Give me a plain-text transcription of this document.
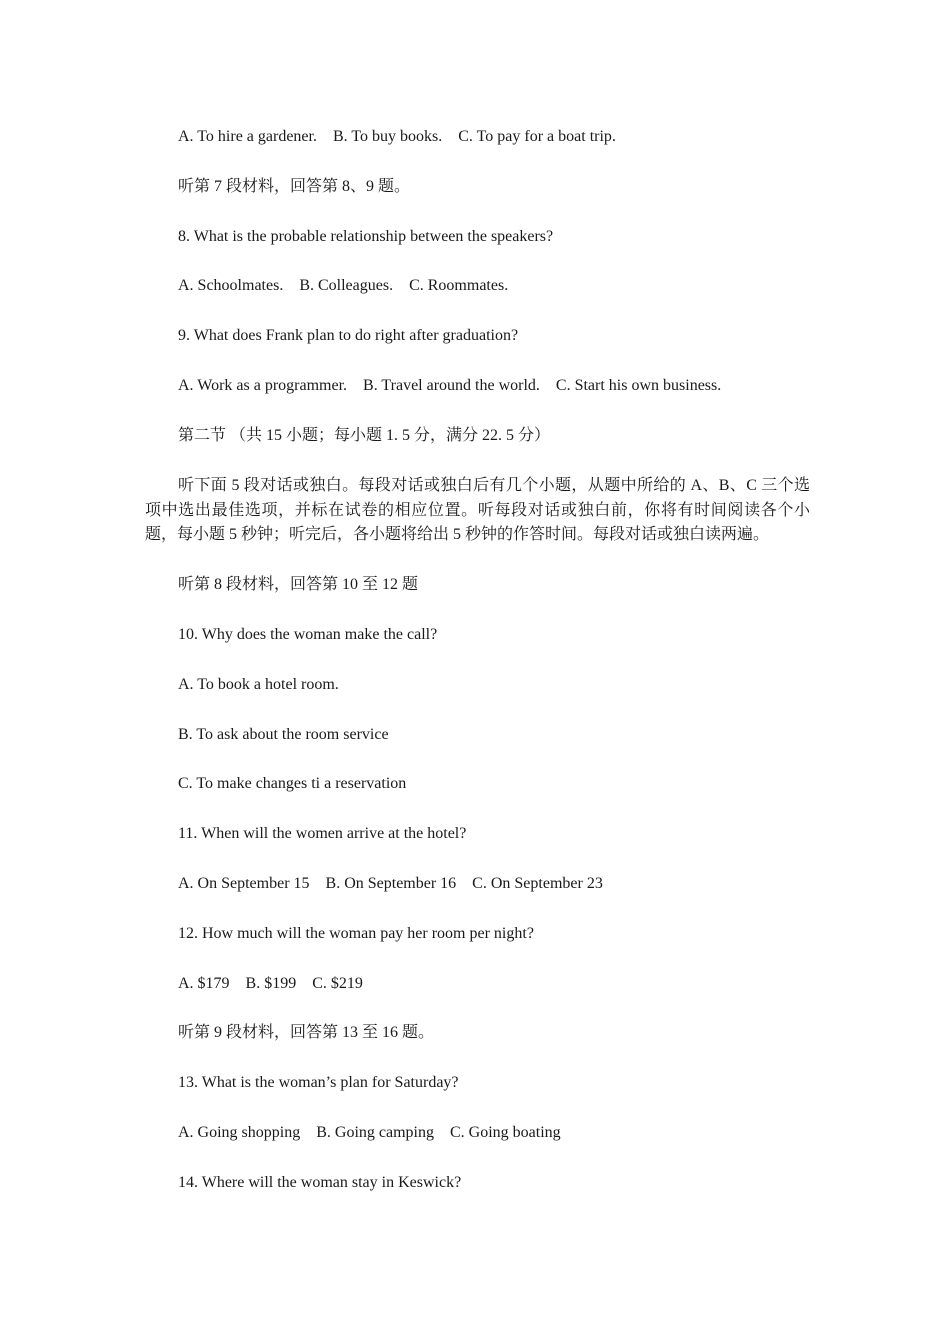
A. To hire a gardener.    B. To buy books.    C. To pay for a boat trip.

听第 7 段材料，回答第 8、9 题。

8. What is the probable relationship between the speakers?

A. Schoolmates.    B. Colleagues.    C. Roommates.

9. What does Frank plan to do right after graduation?

A. Work as a programmer.    B. Travel around the world.    C. Start his own business.

第二节 （共 15 小题；每小题 1. 5 分，满分 22. 5 分）

听下面 5 段对话或独白。每段对话或独白后有几个小题，从题中所给的 A、B、C 三个选项中选出最佳选项，并标在试卷的相应位置。听每段对话或独白前，你将有时间阅读各个小题，每小题 5 秒钟；听完后，各小题将给出 5 秒钟的作答时间。每段对话或独白读两遍。

听第 8 段材料，回答第 10 至 12 题

10. Why does the woman make the call?

A. To book a hotel room.

B. To ask about the room service

C. To make changes ti a reservation

11. When will the women arrive at the hotel?

A. On September 15    B. On September 16    C. On September 23

12. How much will the woman pay her room per night?

A. $179    B. $199    C. $219

听第 9 段材料，回答第 13 至 16 题。

13. What is the woman’s plan for Saturday?

A. Going shopping    B. Going camping    C. Going boating

14. Where will the woman stay in Keswick?
